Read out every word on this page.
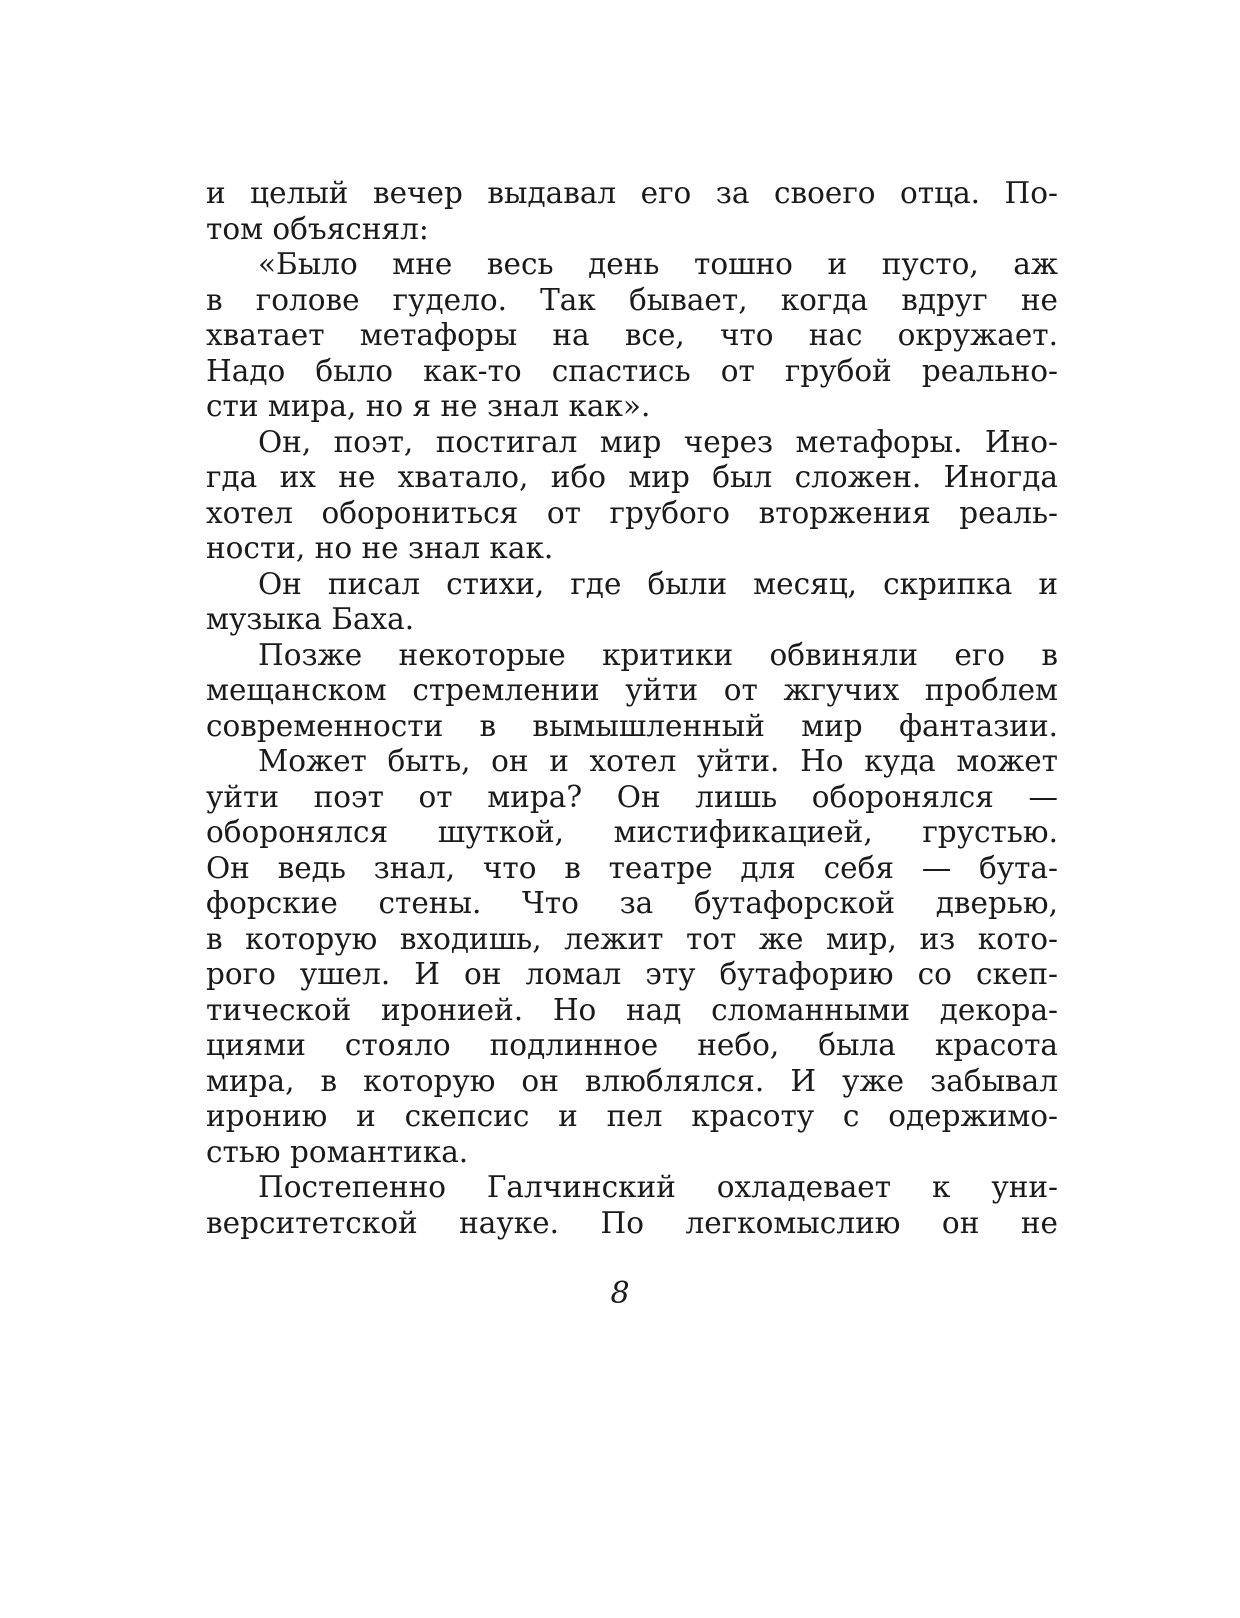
и целый вечер выдавал его за своего отца. По-
том объяснял:
«Было мне весь день тошно и пусто, аж
в голове гудело. Так бывает, когда вдруг не
хватает метафоры на все, что нас окружает.
Надо было как-то спастись от грубой реально-
сти мира, но я не знал как».
Он, поэт, постигал мир через метафоры. Ино-
гда их не хватало, ибо мир был сложен. Иногда
хотел оборониться от грубого вторжения реаль-
ности, но не знал как.
Он писал стихи, где были месяц, скрипка и
музыка Баха.
Позже некоторые критики обвиняли его в
мещанском стремлении уйти от жгучих проблем
современности в вымышленный мир фантазии.
Может быть, он и хотел уйти. Но куда может
уйти поэт от мира? Он лишь оборонялся —
оборонялся шуткой, мистификацией, грустью.
Он ведь знал, что в театре для себя — бута-
форские стены. Что за бутафорской дверью,
в которую входишь, лежит тот же мир, из кото-
рого ушел. И он ломал эту бутафорию со скеп-
тической иронией. Но над сломанными декора-
циями стояло подлинное небо, была красота
мира, в которую он влюблялся. И уже забывал
иронию и скепсис и пел красоту с одержимо-
стью романтика.
Постепенно Галчинский охладевает к уни-
верситетской науке. По легкомыслию он не
8
